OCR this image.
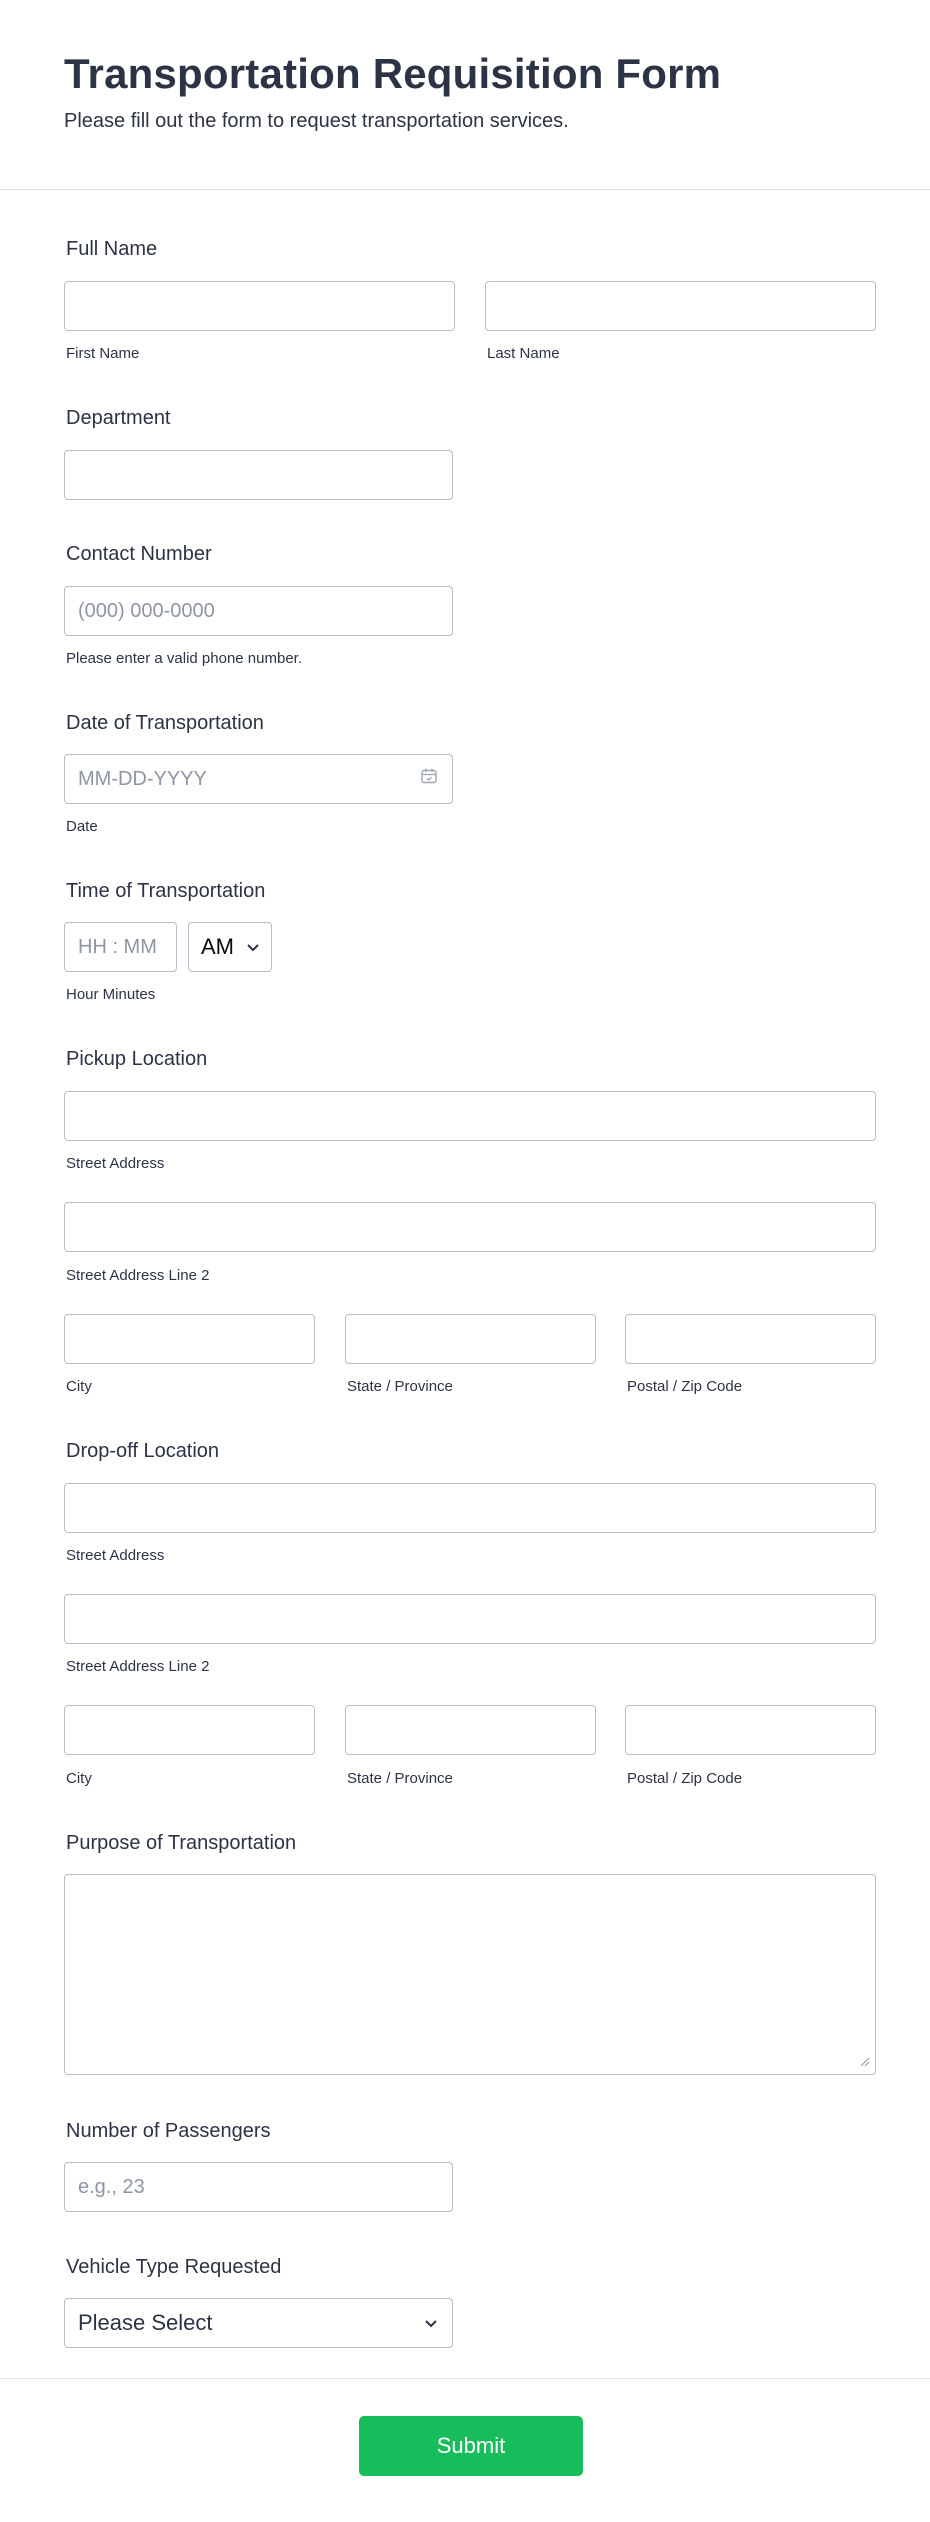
Transportation Requisition Form

Please fill out the form to request transportation services.

Full Name
First Name	Last Name
Department
Contact Number
(000) 000-0000
Please enter a valid phone number.
Date of Transportation
MM-DD-YYYY
Date
Time of Transportation
HH : MM
AM
Hour Minutes
Pickup Location
Street Address
Street Address Line 2
City	State / Province	Postal / Zip Code
Drop-off Location
Street Address
Street Address Line 2
City	State / Province	Postal / Zip Code
Purpose of Transportation
Number of Passengers
e.g., 23
Vehicle Type Requested
Please Select
Submit
